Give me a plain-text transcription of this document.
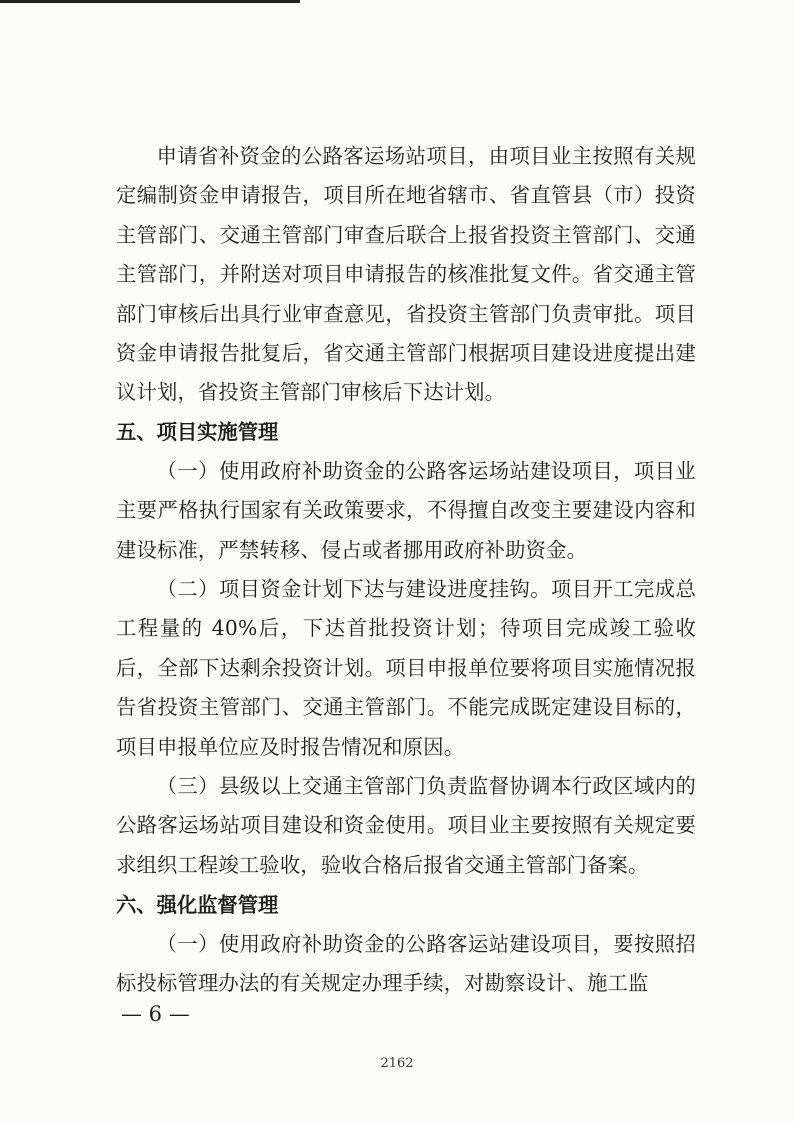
申请省补资金的公路客运场站项目，由项目业主按照有关规定编制资金申请报告，项目所在地省辖市、省直管县（市）投资主管部门、交通主管部门审查后联合上报省投资主管部门、交通主管部门，并附送对项目申请报告的核准批复文件。省交通主管部门审核后出具行业审查意见，省投资主管部门负责审批。项目资金申请报告批复后，省交通主管部门根据项目建设进度提出建议计划，省投资主管部门审核后下达计划。

五、项目实施管理

（一）使用政府补助资金的公路客运场站建设项目，项目业主要严格执行国家有关政策要求，不得擅自改变主要建设内容和建设标准，严禁转移、侵占或者挪用政府补助资金。

（二）项目资金计划下达与建设进度挂钩。项目开工完成总工程量的 40%后，下达首批投资计划；待项目完成竣工验收后，全部下达剩余投资计划。项目申报单位要将项目实施情况报告省投资主管部门、交通主管部门。不能完成既定建设目标的，项目申报单位应及时报告情况和原因。

（三）县级以上交通主管部门负责监督协调本行政区域内的公路客运场站项目建设和资金使用。项目业主要按照有关规定要求组织工程竣工验收，验收合格后报省交通主管部门备案。

六、强化监督管理

（一）使用政府补助资金的公路客运站建设项目，要按照招标投标管理办法的有关规定办理手续，对勘察设计、施工监

— 6 —
2162
